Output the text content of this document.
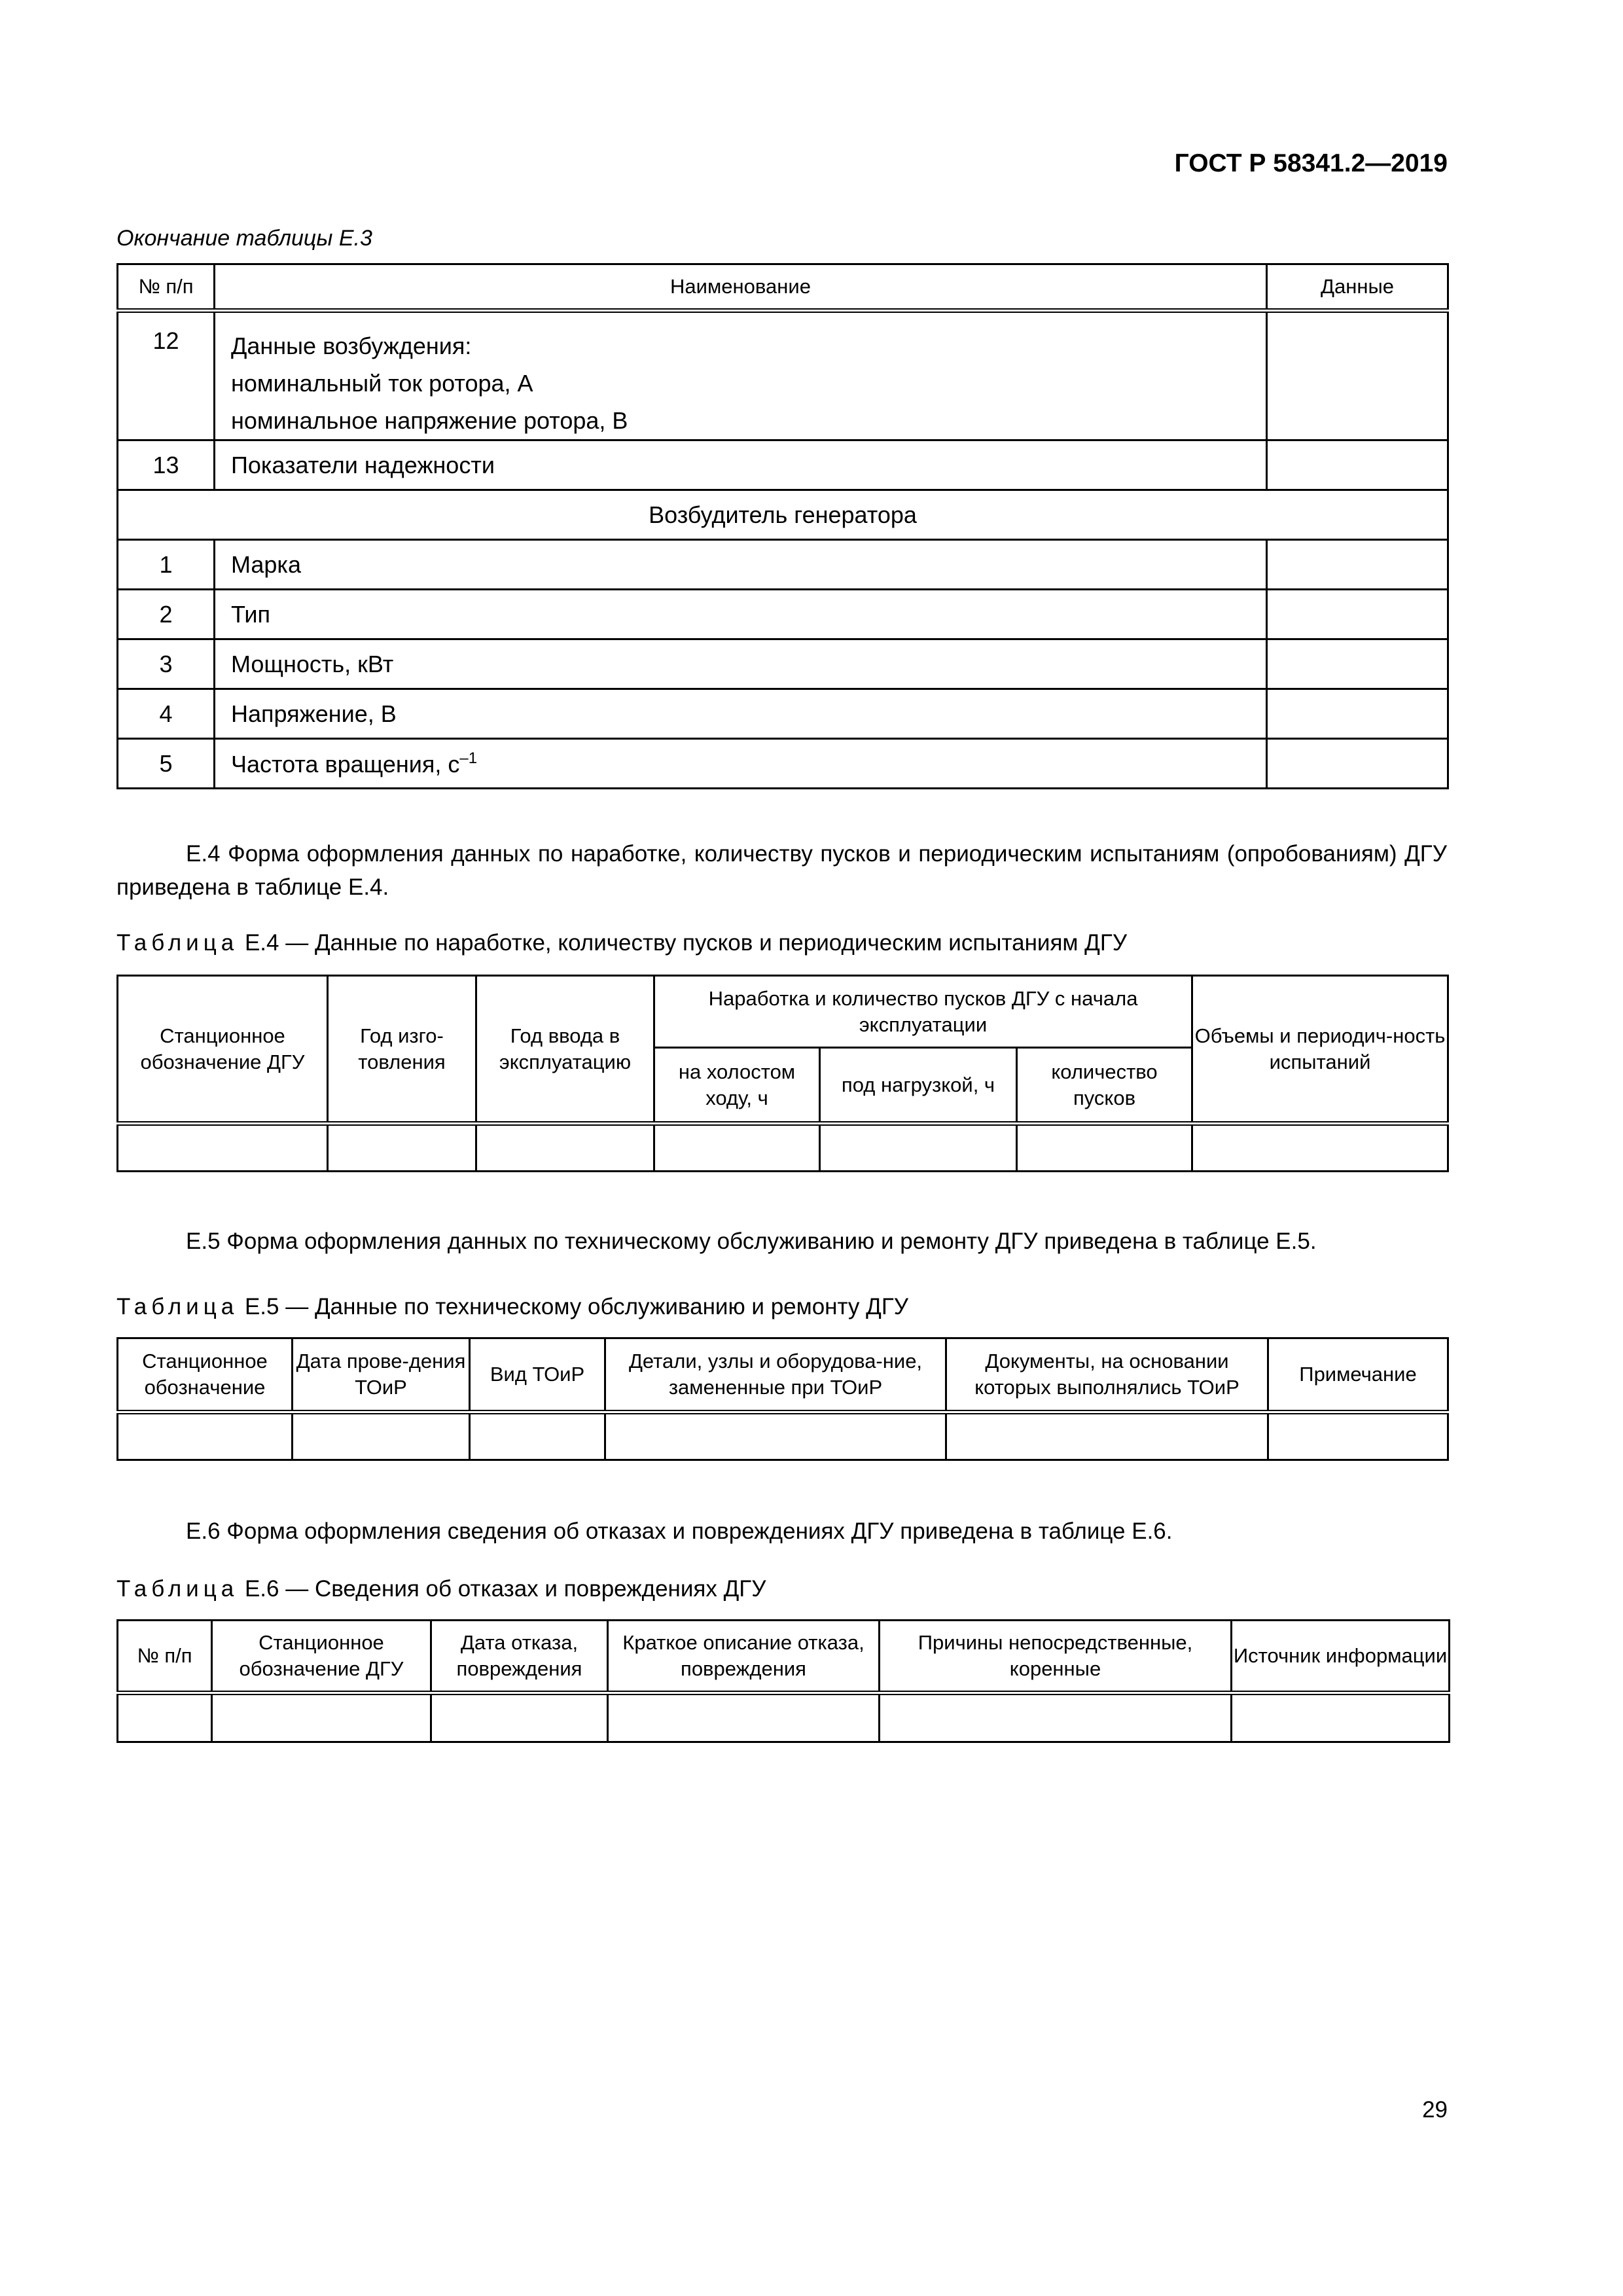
ГОСТ Р 58341.2—2019
Окончание таблицы Е.3
№ п/п	Наименование	Данные
12	Данные возбуждения:
номинальный ток ротора, А
номинальное напряжение ротора, В	

13	Показатели надежности	
Возбудитель генератора		
1	Марка	
2	Тип	
3	Мощность, кВт	
4	Напряжение, В	
5	Частота вращения, $с^{-1}$	
Е.4 Форма оформления данных по наработке, количеству пусков и периодическим испытаниям (опробованиям) ДГУ приведена в таблице Е.4.
Таблица Е.4 — Данные по наработке, количеству пусков и периодическим испытаниям ДГУ
Станционное обозначение ДГУ	Год изго-товления	Год ввода в эксплуатацию	Наработка и количество пусков ДГУ с начала эксплуатации			Объемы и периодич-ность испытаний
			на холостом ходу, ч	под нагрузкой, ч	количество пусков	

Е.5 Форма оформления данных по техническому обслуживанию и ремонту ДГУ приведена в таблице Е.5.
Таблица Е.5 — Данные по техническому обслуживанию и ремонту ДГУ
Станционное обозначение	Дата прове-дения ТОиР	Вид ТОиР	Детали, узлы и оборудова-ние, замененные при ТОиР	Документы, на основании которых выполнялись ТОиР	Примечание

Е.6 Форма оформления сведения об отказах и повреждениях ДГУ приведена в таблице Е.6.
Таблица Е.6 — Сведения об отказах и повреждениях ДГУ
№ п/п	Станционное обозначение ДГУ	Дата отказа, повреждения	Краткое описание отказа, повреждения	Причины непосредственные, коренные	Источник информации

29
